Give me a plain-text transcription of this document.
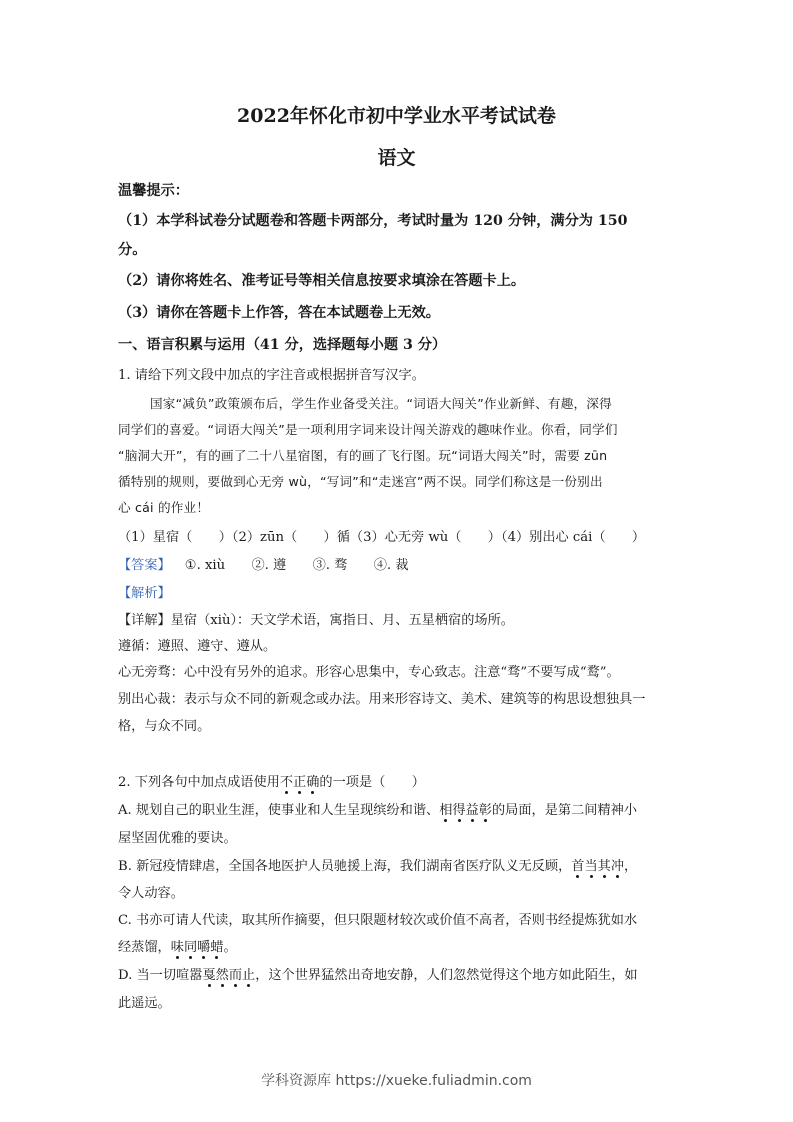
2022年怀化市初中学业水平考试试卷
语文
温馨提示：
（1）本学科试卷分试题卷和答题卡两部分，考试时量为 120 分钟，满分为 150
分。
（2）请你将姓名、准考证号等相关信息按要求填涂在答题卡上。
（3）请你在答题卡上作答，答在本试题卷上无效。
一、语言积累与运用（41 分，选择题每小题 3 分）
1. 请给下列文段中加点的字注音或根据拼音写汉字。
国家“减负”政策颁布后，学生作业备受关注。“词语大闯关”作业新鲜、有趣，深得
同学们的喜爱。“词语大闯关”是一项利用字词来设计闯关游戏的趣味作业。你看，同学们
“脑洞大开”，有的画了二十八星宿图，有的画了飞行图。玩“词语大闯关”时，需要 zūn
循特别的规则，要做到心无旁 wù，“写词”和“走迷宫”两不误。同学们称这是一份别出
心 cái 的作业！
（1）星宿（　　）（2）zūn（　　）循（3）心无旁 wù（　　）（4）别出心 cái（　　）
【答案】 ①. xiù　　②. 遵　　③. 骛　　④. 裁
【解析】
【详解】星宿（xiù）：天文学术语，寓指日、月、五星栖宿的场所。
遵循：遵照、遵守、遵从。
心无旁骛：心中没有另外的追求。形容心思集中，专心致志。注意“骛”不要写成“鹜”。
别出心裁：表示与众不同的新观念或办法。用来形容诗文、美术、建筑等的构思设想独具一
格，与众不同。
2. 下列各句中加点成语使用不正确的一项是（　　）
A. 规划自己的职业生涯，使事业和人生呈现缤纷和谐、相得益彰的局面，是第二间精神小
屋坚固优雅的要诀。
B. 新冠疫情肆虐，全国各地医护人员驰援上海，我们湖南省医疗队义无反顾，首当其冲，
令人动容。
C. 书亦可请人代读，取其所作摘要，但只限题材较次或价值不高者，否则书经提炼犹如水
经蒸馏，味同嚼蜡。
D. 当一切喧嚣戛然而止，这个世界猛然出奇地安静，人们忽然觉得这个地方如此陌生，如
此遥远。
学科资源库 https://xueke.fuliadmin.com
